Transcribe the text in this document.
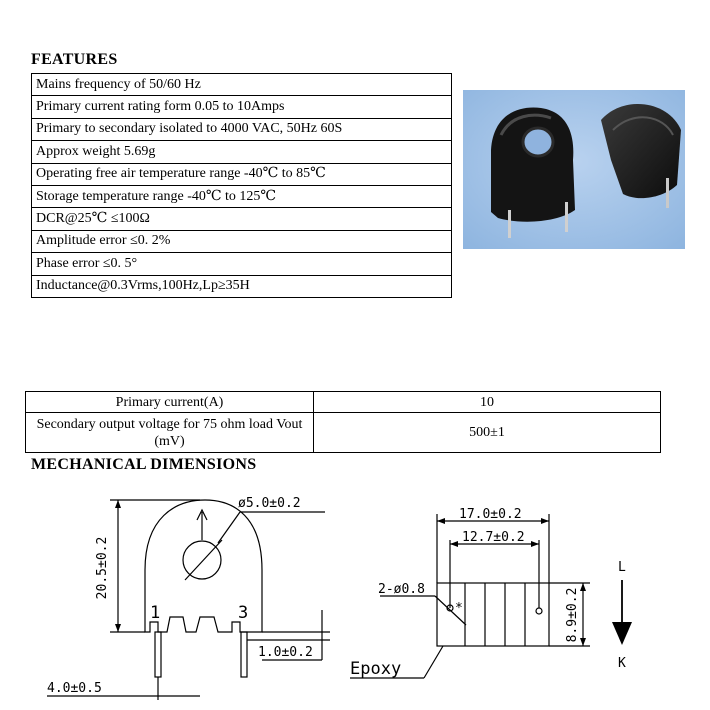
FEATURES
Mains frequency of 50/60 Hz
Primary current rating form 0.05 to 10Amps
Primary to secondary isolated to 4000 VAC, 50Hz 60S
Approx weight 5.69g
Operating free air temperature range -40℃ to 85℃
Storage temperature range -40℃ to 125℃
DCR@25℃ ≤100Ω
Amplitude error ≤0. 2%
Phase error ≤0. 5°
Inductance@0.3Vrms,100Hz,Lp≥35H
Primary current(A)	10
Secondary output voltage for 75 ohm load Vout (mV)	500±1
MECHANICAL DIMENSIONS
ø5.0±0.2
20.5±0.2
1.0±0.2
4.0±0.5
1	3
17.0±0.2
12.7±0.2
2-ø0.8
*	8.9±0.2
Epoxy
L
K
